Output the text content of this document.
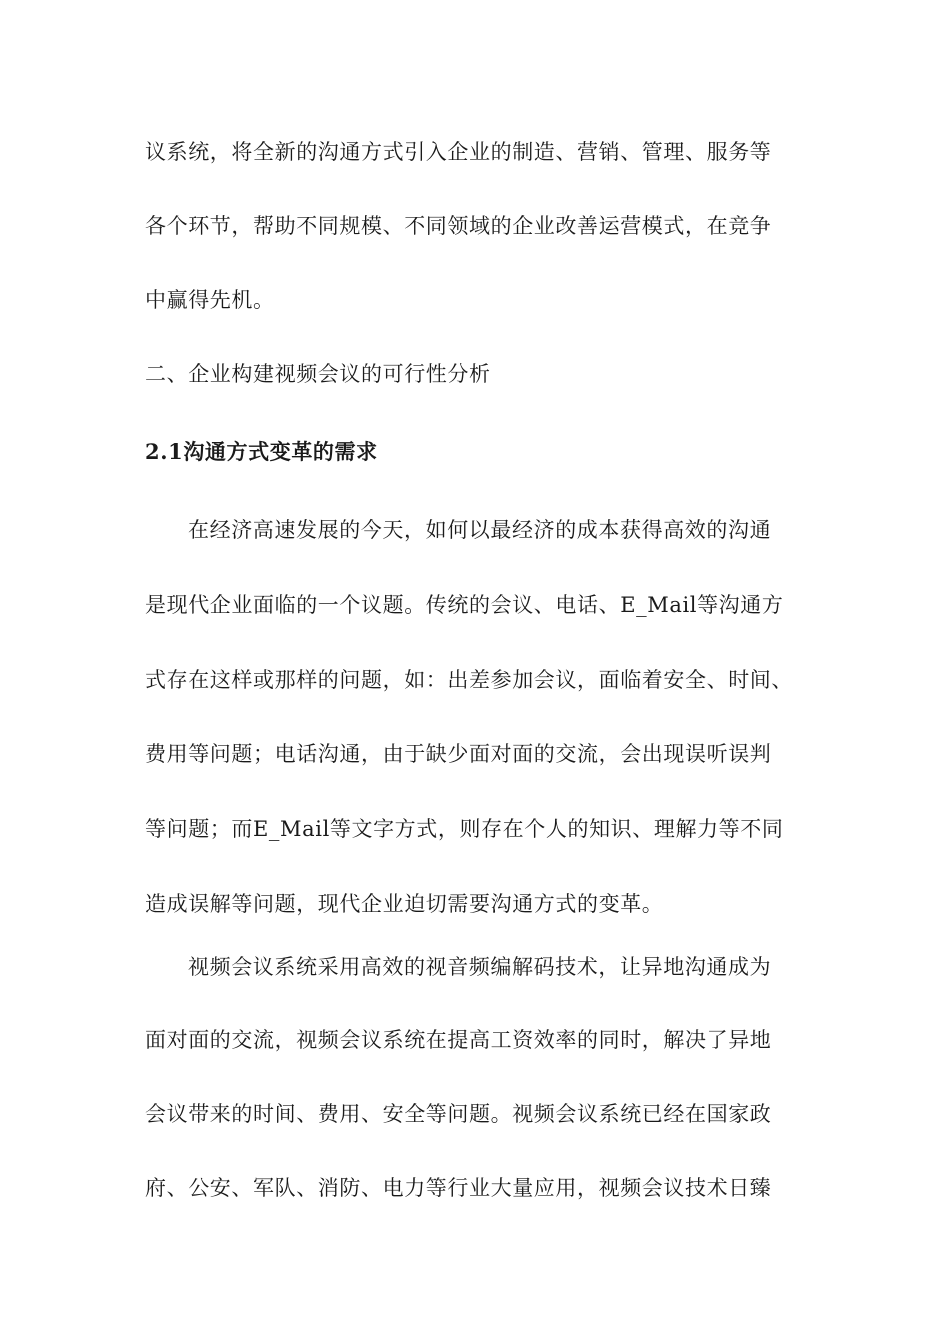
议系统，将全新的沟通方式引入企业的制造、营销、管理、服务等
各个环节，帮助不同规模、不同领域的企业改善运营模式，在竞争
中赢得先机。
二、企业构建视频会议的可行性分析
2.1沟通方式变革的需求
在经济高速发展的今天，如何以最经济的成本获得高效的沟通
是现代企业面临的一个议题。传统的会议、电话、E_Mail等沟通方
式存在这样或那样的问题，如：出差参加会议，面临着安全、时间、
费用等问题；电话沟通，由于缺少面对面的交流，会出现误听误判
等问题；而E_Mail等文字方式，则存在个人的知识、理解力等不同
造成误解等问题，现代企业迫切需要沟通方式的变革。
视频会议系统采用高效的视音频编解码技术，让异地沟通成为
面对面的交流，视频会议系统在提高工资效率的同时，解决了异地
会议带来的时间、费用、安全等问题。视频会议系统已经在国家政
府、公安、军队、消防、电力等行业大量应用，视频会议技术日臻
